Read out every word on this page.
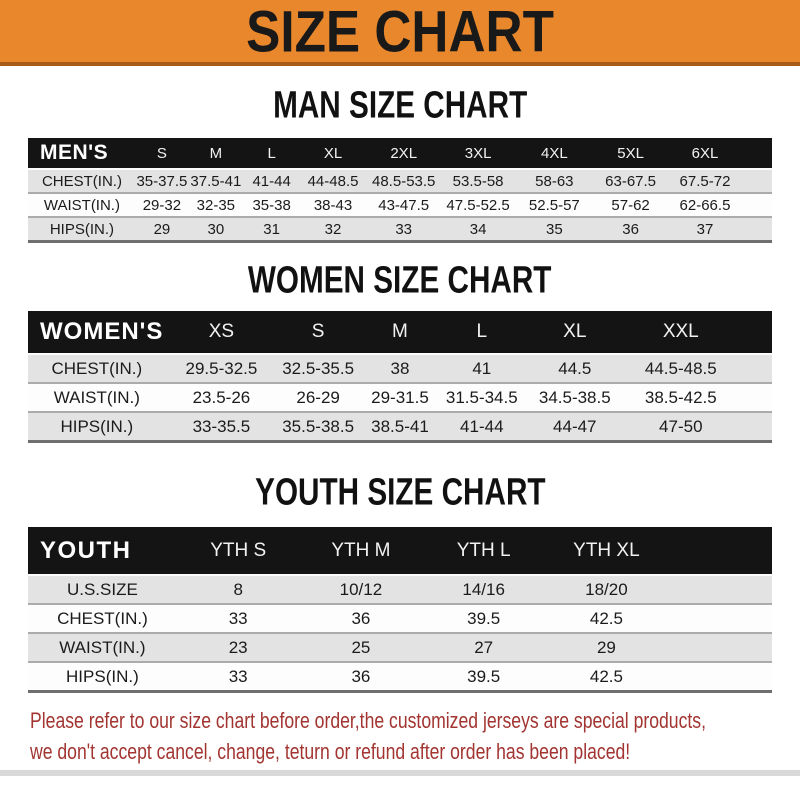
SIZE CHART
MAN SIZE CHART
MEN'S	S	M	L	XL	2XL	3XL	4XL	5XL	6XL
CHEST(IN.) 35-37.5 37.5-41 41-44	44-48.5 48.5-53.5	53.5-58	58-63	63-67.5	67.5-72
WAIST(IN.)	29-32	32-35	35-38	38-43	43-47.5	47.5-52.5	52.5-57	57-62	62-66.5
HIPS(IN.)	29	30	31	32	33	34	35	36	37
WOMEN SIZE CHART
WOMEN'S	XS	S	M	L	XL	XXL
CHEST(IN.)	29.5-32.5	32.5-35.5	38	41	44.5	44.5-48.5
WAIST(IN.)	23.5-26	26-29	29-31.5	31.5-34.5	34.5-38.5	38.5-42.5
HIPS(IN.)	33-35.5	35.5-38.5	38.5-41	41-44	44-47	47-50
YOUTH SIZE CHART
YOUTH	YTH S	YTH M	YTH L	YTH XL
U.S.SIZE	8	10/12	14/16	18/20
CHEST(IN.)	33	36	39.5	42.5
WAIST(IN.)	23	25	27	29
HIPS(IN.)	33	36	39.5	42.5

Please refer to our size chart before order,the customized jerseys are special products,

we don't accept cancel, change, teturn or refund after order has been placed!
